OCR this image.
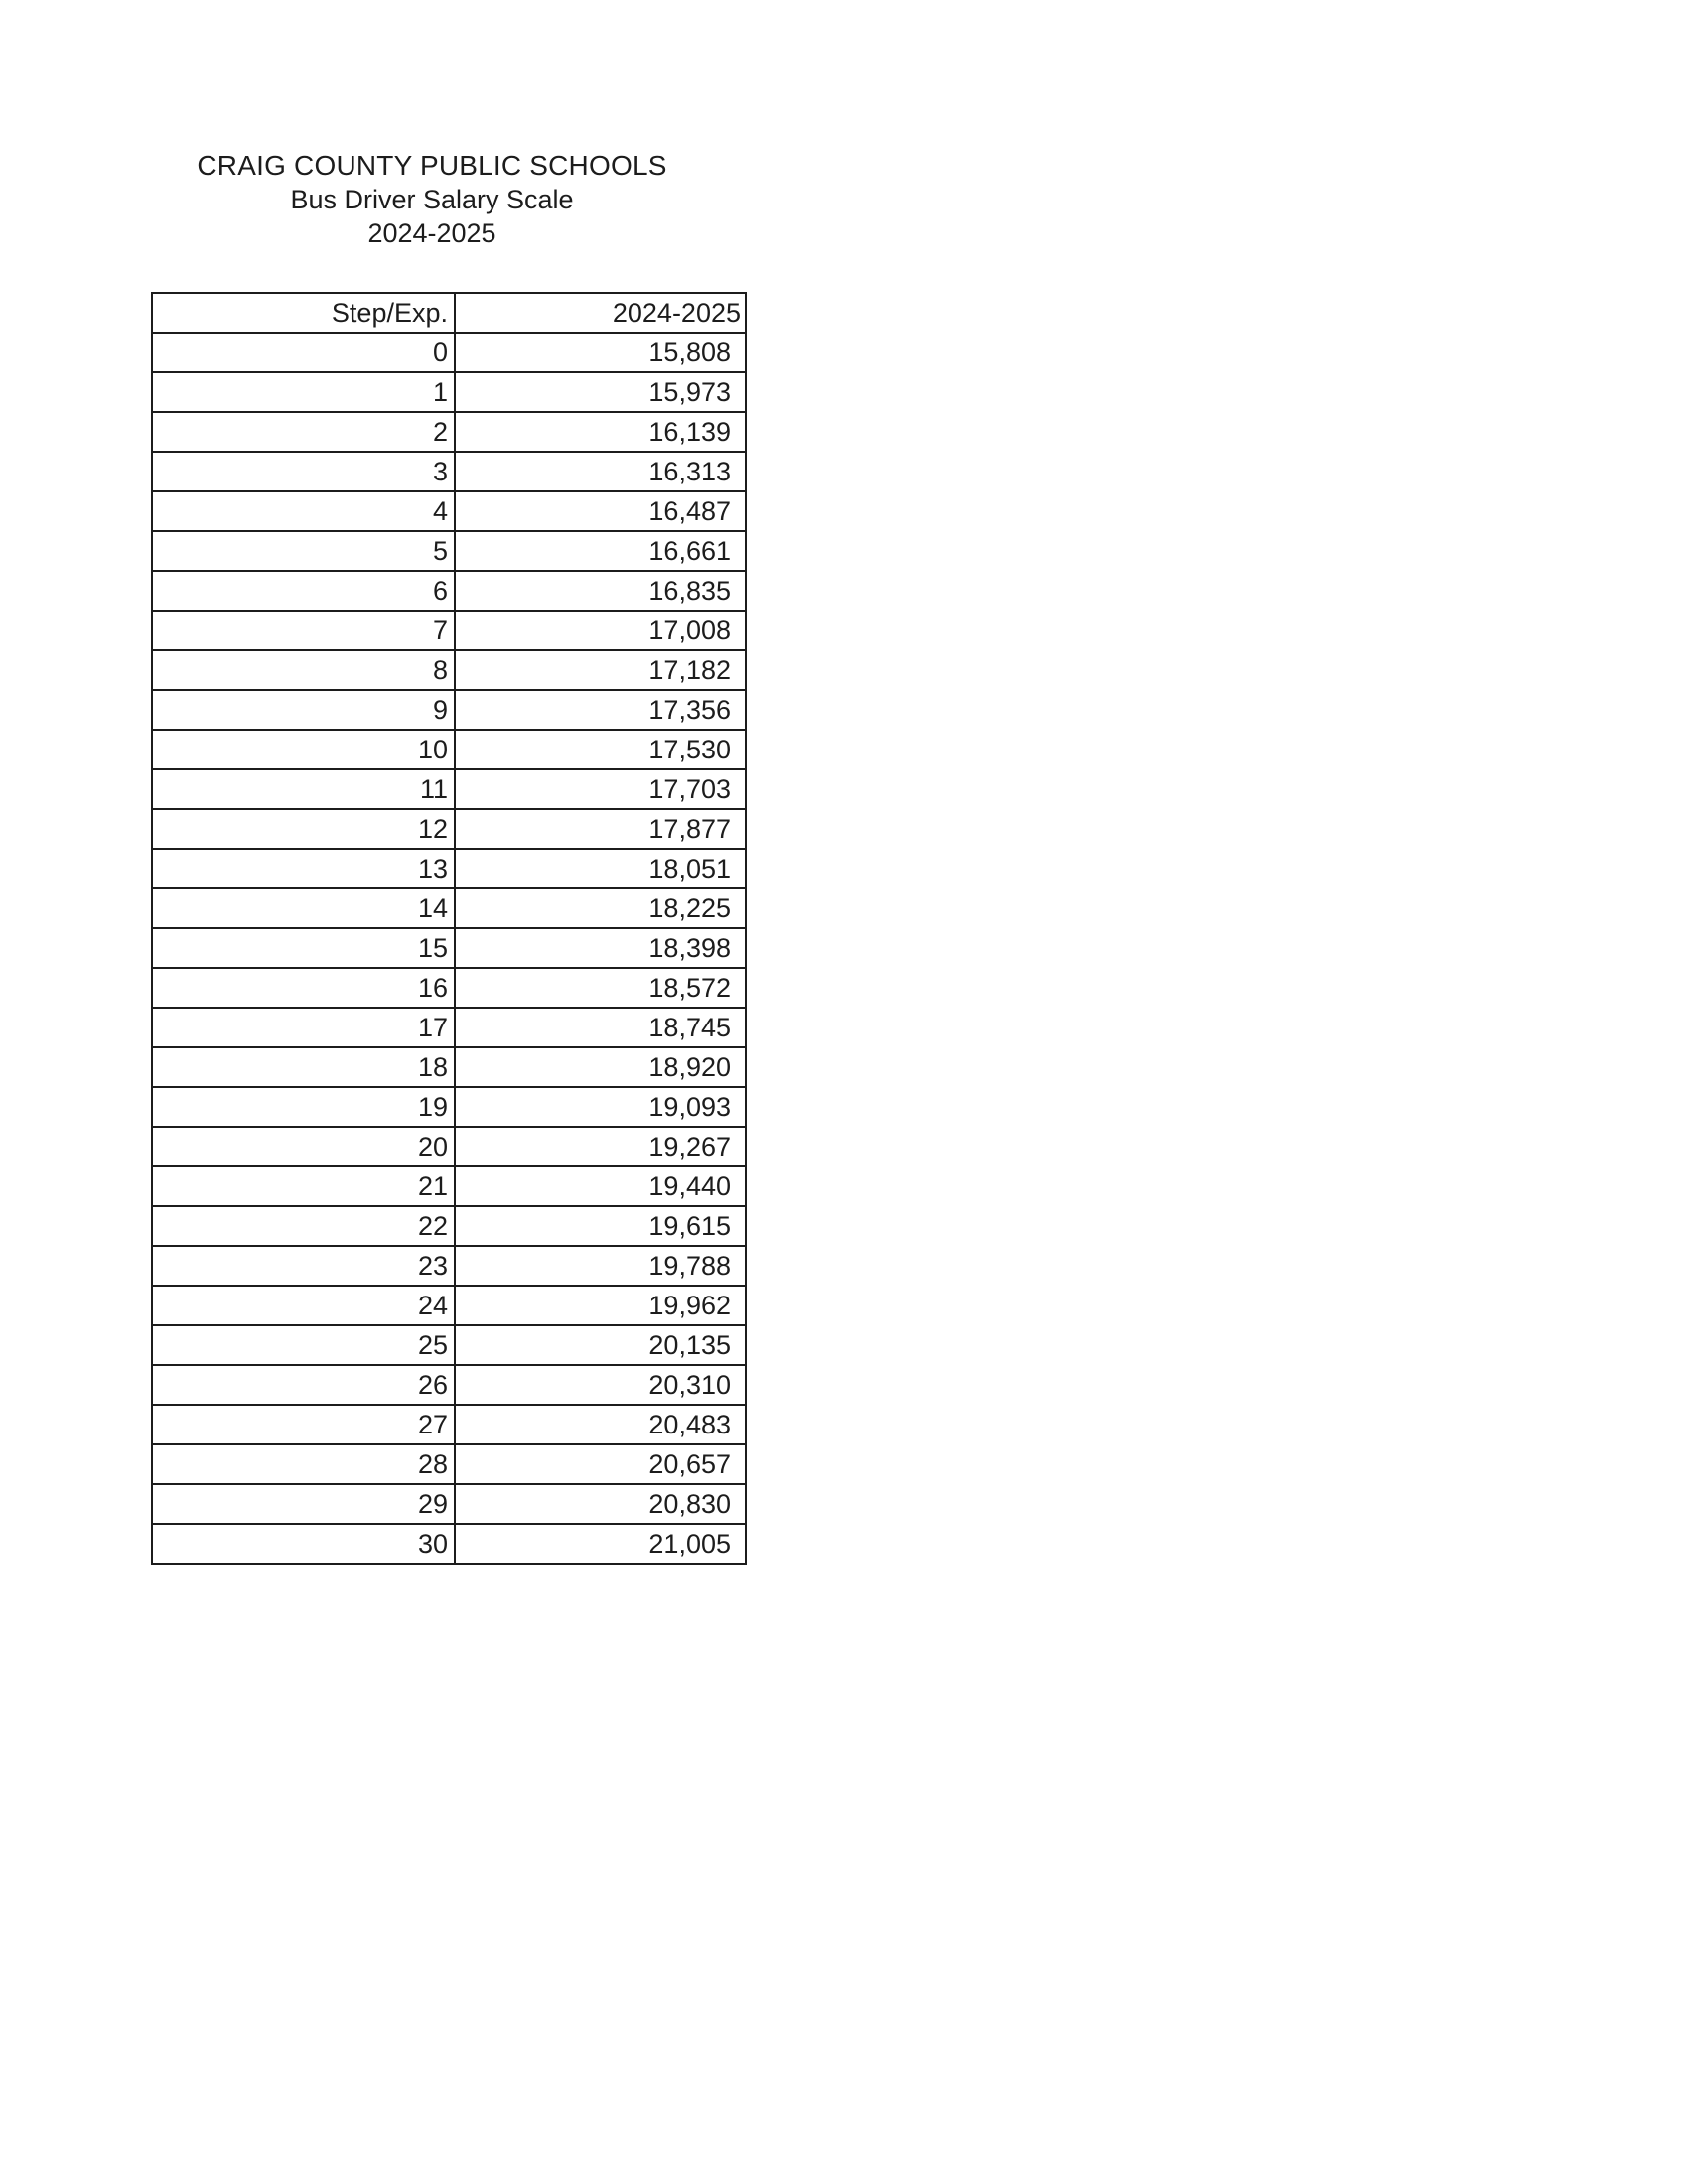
CRAIG COUNTY PUBLIC SCHOOLS
Bus Driver Salary Scale
2024-2025
Step/Exp.	2024-2025
0	15,808
1	15,973
2	16,139
3	16,313
4	16,487
5	16,661
6	16,835
7	17,008
8	17,182
9	17,356
10	17,530
11	17,703
12	17,877
13	18,051
14	18,225
15	18,398
16	18,572
17	18,745
18	18,920
19	19,093
20	19,267
21	19,440
22	19,615
23	19,788
24	19,962
25	20,135
26	20,310
27	20,483
28	20,657
29	20,830
30	21,005
